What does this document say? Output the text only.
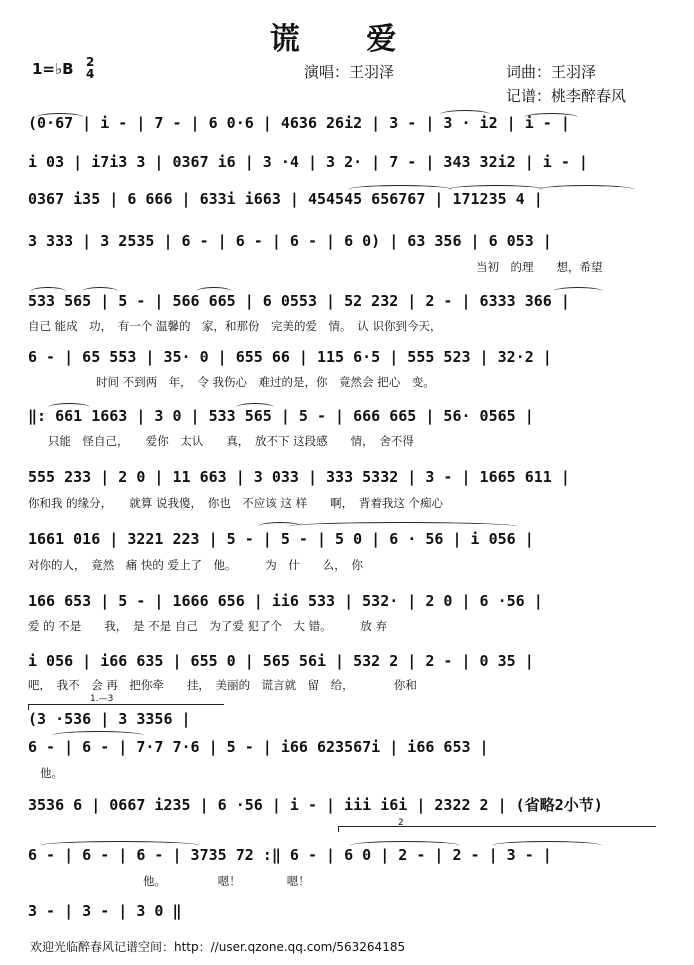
谎 爱
1=♭B 2
4	演唱：王羽泽	词曲：王羽泽
记谱：桃李醉春风
(0·67 | i - | 7 - | 6 0·6 | 4636 26i2 | 3 - | 3 · i2 | i - |
i 03 | i7i3 3 | 0367 i6 | 3 ·4 | 3 2· | 7 - | 343 32i2 | i - |
0367 i35 | 6 666 | 633i i663 | 454545 656767 | 171235 4 |
3 333 | 3 2535 | 6 - | 6 - | 6 - | 6 0) | 63 356 | 6 053 |
当初　的理　　想，希望
533 565 | 5 - | 566 665 | 6 0553 | 52 232 | 2 - | 6333 366 |
自己 能成　功，　有一个 温馨的　家，和那份　完美的爱　情。　认 识你到今天，
6 - | 65 553 | 35· 0 | 655 66 | 115 6·5 | 555 523 | 32·2 |
时间 不到两　年，　令 我伤心　难过的是，你　竟然会 把心　变。
‖: 661 1663 | 3 0 | 533 565 | 5 - | 666 665 | 56· 0565 |
只能　怪自己，　　爱你　太认　　真，　放不下 这段感　　情，　舍不得
555 233 | 2 0 | 11 663 | 3 033 | 333 5332 | 3 - | 1665 611 |
你和我 的缘分，　　就算 说我傻，　你也　不应该 这 样　　啊，　背着我这 个痴心
1661 016 | 3221 223 | 5 - | 5 - | 5 0 | 6 · 56 | i 056 |
对你的人，　竟然　痛 快的 爱上了　他。　　　为　什　　么，　你
166 653 | 5 - | 1666 656 | ii6 533 | 532· | 2 0 | 6 ·56 |
爱 的 不是　　我，　是 不是 自己　为了爱 犯了个　大 错。　　　放 弃
i 056 | i66 635 | 655 0 | 565 56i | 532 2 | 2 - | 0 35 |
吧，　我不　会 再　把你牵　　挂，　美丽的　谎言就　留　给，　　　　你和
1.—3
(3 ·536 | 3 3356 |
6 - | 6 - | 7·7 7·6 | 5 - | i66 623567i | i66 653 |
他。
3536 6 | 0667 i235 | 6 ·56 | i - | iii i6i | 2322 2 | (省略2小节)
2
6 - | 6 - | 6 - | 3735 72 :‖ 6 - | 6 0 | 2 - | 2 - | 3 - |
　　　　　　　　　　他。　　　　　嗯！　　　　嗯！
3 - | 3 - | 3 0 ‖
欢迎光临醉春风记谱空间：http：//user.qzone.qq.com/563264185
